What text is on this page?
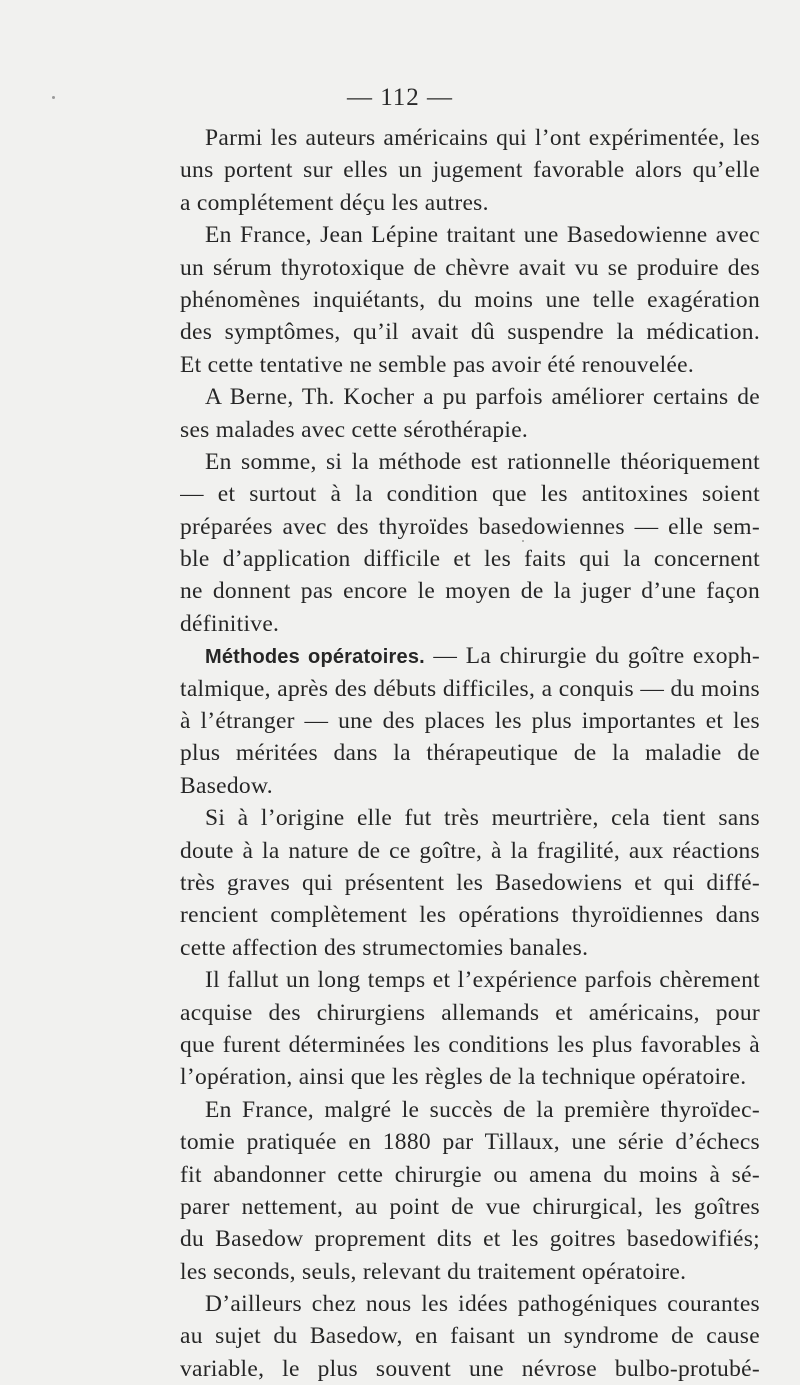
— 112 —
Parmi les auteurs américains qui l’ont expérimentée, les
uns portent sur elles un jugement favorable alors qu’elle
a complétement déçu les autres.
En France, Jean Lépine traitant une Basedowienne avec
un sérum thyrotoxique de chèvre avait vu se produire des
phénomènes inquiétants, du moins une telle exagération
des symptômes, qu’il avait dû suspendre la médication.
Et cette tentative ne semble pas avoir été renouvelée.
A Berne, Th. Kocher a pu parfois améliorer certains de
ses malades avec cette sérothérapie.
En somme, si la méthode est rationnelle théoriquement
— et surtout à la condition que les antitoxines soient
préparées avec des thyroïdes basedowiennes — elle sem-
ble d’application difficile et les faits qui la concernent
ne donnent pas encore le moyen de la juger d’une façon
définitive.
Méthodes opératoires. — La chirurgie du goître exoph-
talmique, après des débuts difficiles, a conquis — du moins
à l’étranger — une des places les plus importantes et les
plus méritées dans la thérapeutique de la maladie de
Basedow.
Si à l’origine elle fut très meurtrière, cela tient sans
doute à la nature de ce goître, à la fragilité, aux réactions
très graves qui présentent les Basedowiens et qui diffé-
rencient complètement les opérations thyroïdiennes dans
cette affection des strumectomies banales.
Il fallut un long temps et l’expérience parfois chèrement
acquise des chirurgiens allemands et américains, pour
que furent déterminées les conditions les plus favorables à
l’opération, ainsi que les règles de la technique opératoire.
En France, malgré le succès de la première thyroïdec-
tomie pratiquée en 1880 par Tillaux, une série d’échecs
fit abandonner cette chirurgie ou amena du moins à sé-
parer nettement, au point de vue chirurgical, les goîtres
du Basedow proprement dits et les goitres basedowifiés;
les seconds, seuls, relevant du traitement opératoire.
D’ailleurs chez nous les idées pathogéniques courantes
au sujet du Basedow, en faisant un syndrome de cause
variable, le plus souvent une névrose bulbo-protubé-
